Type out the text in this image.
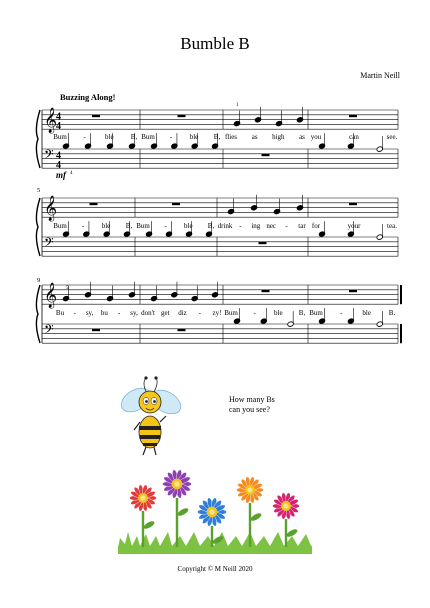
Bumble B
Martin Neill
Buzzing Along!
1
mf 4
5
9
5
𝄞
𝄢
4
4
4
4
𝄞
𝄢
𝄞
𝄢
Bum -	ble B, Bum -	ble B, flies as high as you	can	see.
Bum -	ble B, Bum - ble B, drink - ing nec - tar for	your	tea.
Bu - sy, bu - sy, don't get diz - zy! Bum -	ble B, Bum -	ble	B.
How many Bs
can you see?
Copyright © M Neill 2020
